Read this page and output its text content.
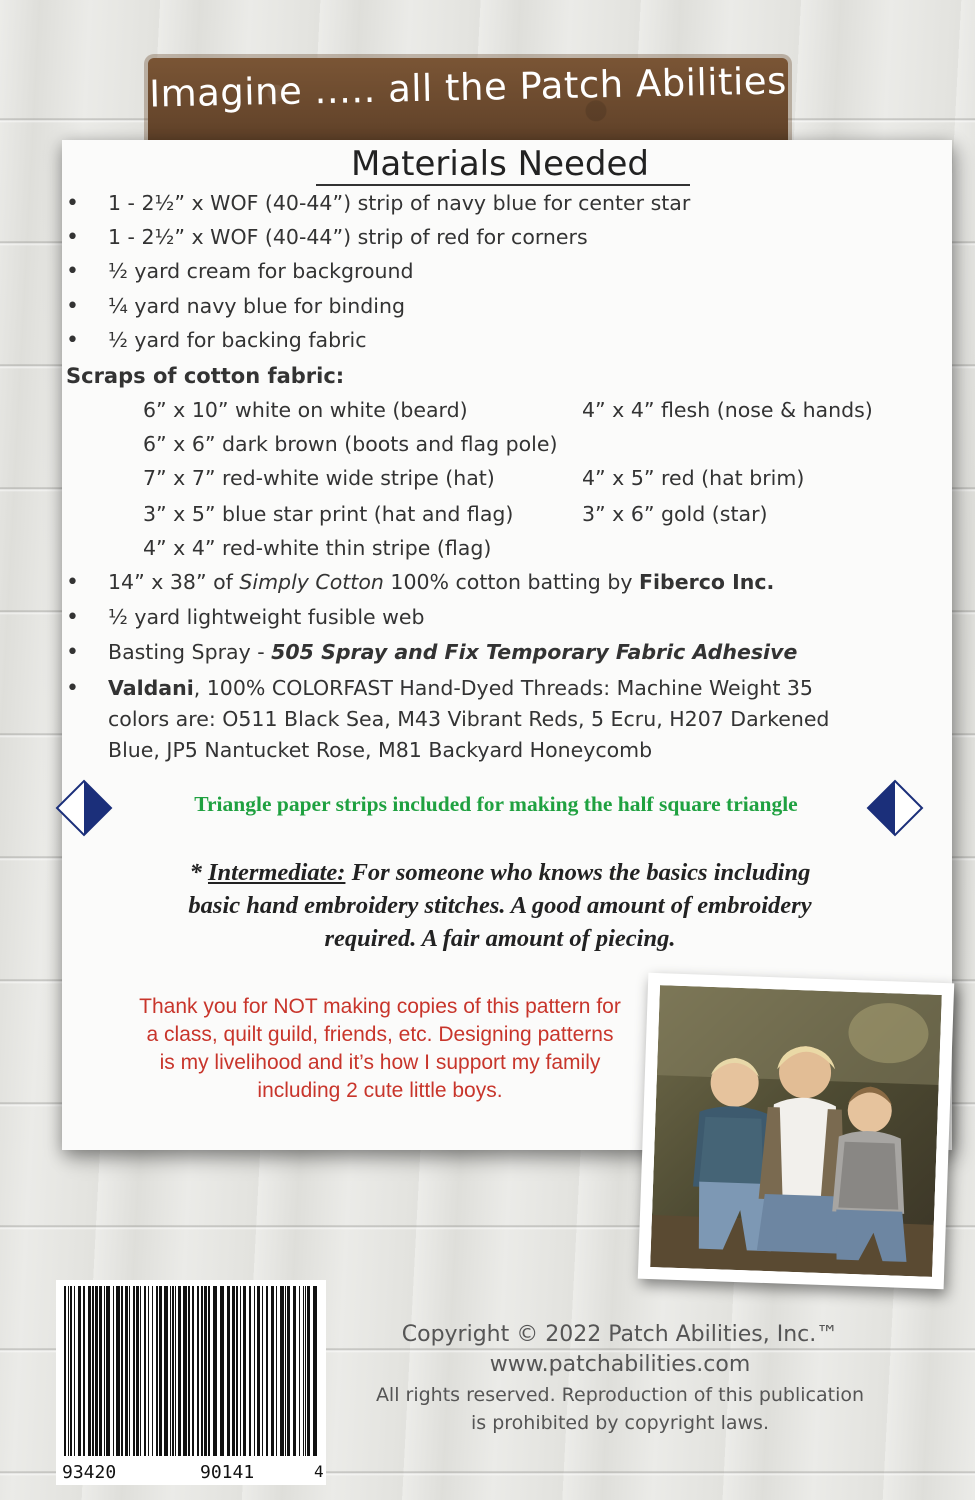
Imagine ..... all the Patch Abilities
Materials Needed
• 1 - 2½” x WOF (40-44”) strip of navy blue for center star
• 1 - 2½” x WOF (40-44”) strip of red for corners
• ½ yard cream for background
• ¼ yard navy blue for binding
• ½ yard for backing fabric
Scraps of cotton fabric:
6” x 10” white on white (beard)	4” x 4” flesh (nose & hands)
6” x 6” dark brown (boots and flag pole)
7” x 7” red-white wide stripe (hat)	4” x 5” red (hat brim)
3” x 5” blue star print (hat and flag)	3” x 6” gold (star)
4” x 4” red-white thin stripe (flag)
• 14” x 38” of Simply Cotton 100% cotton batting by Fiberco Inc.
• ½ yard lightweight fusible web
• Basting Spray - 505 Spray and Fix Temporary Fabric Adhesive
• Valdani, 100% COLORFAST Hand-Dyed Threads: Machine Weight 35
colors are: O511 Black Sea, M43 Vibrant Reds, 5 Ecru, H207 Darkened
Blue, JP5 Nantucket Rose, M81 Backyard Honeycomb
Triangle paper strips included for making the half square triangle
* Intermediate: For someone who knows the basics including
basic hand embroidery stitches. A good amount of embroidery
required. A fair amount of piecing.
Thank you for NOT making copies of this pattern for
a class, quilt guild, friends, etc. Designing patterns
is my livelihood and it’s how I support my family
including 2 cute little boys.
93420	90141	4
Copyright © 2022 Patch Abilities, Inc.™
www.patchabilities.com
All rights reserved. Reproduction of this publication
is prohibited by copyright laws.
